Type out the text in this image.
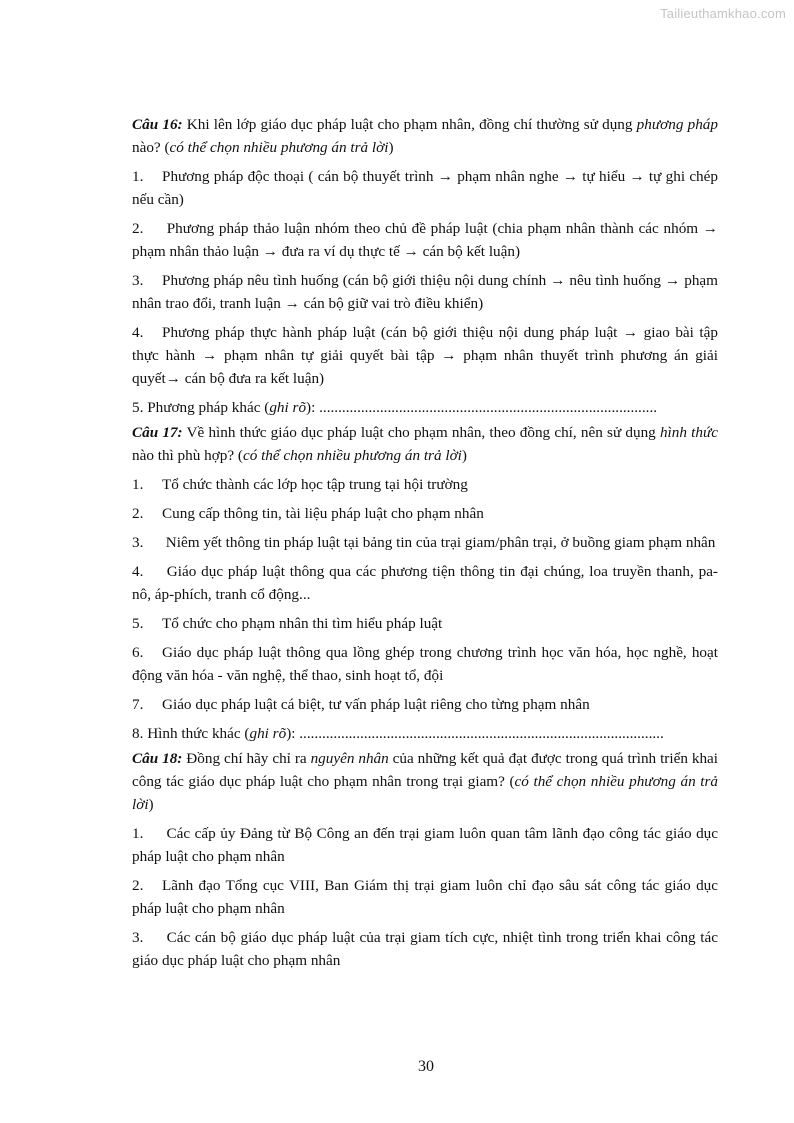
Tailieuthamkhao.com

Câu 16: Khi lên lớp giáo dục pháp luật cho phạm nhân, đồng chí thường sử dụng phương pháp nào? (có thể chọn nhiều phương án trả lời)

1. Phương pháp độc thoại ( cán bộ thuyết trình → phạm nhân nghe → tự hiểu → tự ghi chép nếu cần)

2. Phương pháp thảo luận nhóm theo chủ đề pháp luật (chia phạm nhân thành các nhóm → phạm nhân thảo luận → đưa ra ví dụ thực tế → cán bộ kết luận)

3. Phương pháp nêu tình huống (cán bộ giới thiệu nội dung chính → nêu tình huống → phạm nhân trao đổi, tranh luận → cán bộ giữ vai trò điều khiển)

4. Phương pháp thực hành pháp luật (cán bộ giới thiệu nội dung pháp luật → giao bài tập thực hành → phạm nhân tự giải quyết bài tập → phạm nhân thuyết trình phương án giải quyết→ cán bộ đưa ra kết luận)

5. Phương pháp khác (ghi rõ): .........................................................................................

Câu 17: Về hình thức giáo dục pháp luật cho phạm nhân, theo đồng chí, nên sử dụng hình thức nào thì phù hợp? (có thể chọn nhiều phương án trả lời)

1. Tổ chức thành các lớp học tập trung tại hội trường

2. Cung cấp thông tin, tài liệu pháp luật cho phạm nhân

3. Niêm yết thông tin pháp luật tại bảng tin của trại giam/phân trại, ở buồng giam phạm nhân

4. Giáo dục pháp luật thông qua các phương tiện thông tin đại chúng, loa truyền thanh, pa-nô, áp-phích, tranh cổ động...

5. Tổ chức cho phạm nhân thi tìm hiểu pháp luật

6. Giáo dục pháp luật thông qua lồng ghép trong chương trình học văn hóa, học nghề, hoạt động văn hóa - văn nghệ, thể thao, sinh hoạt tổ, đội

7. Giáo dục pháp luật cá biệt, tư vấn pháp luật riêng cho từng phạm nhân

8. Hình thức khác (ghi rõ): ................................................................................................

Câu 18: Đồng chí hãy chỉ ra nguyên nhân của những kết quả đạt được trong quá trình triển khai công tác giáo dục pháp luật cho phạm nhân trong trại giam? (có thể chọn nhiều phương án trả lời)

1. Các cấp ủy Đảng từ Bộ Công an đến trại giam luôn quan tâm lãnh đạo công tác giáo dục pháp luật cho phạm nhân

2. Lãnh đạo Tổng cục VIII, Ban Giám thị trại giam luôn chỉ đạo sâu sát công tác giáo dục pháp luật cho phạm nhân

3. Các cán bộ giáo dục pháp luật của trại giam tích cực, nhiệt tình trong triển khai công tác giáo dục pháp luật cho phạm nhân

30
